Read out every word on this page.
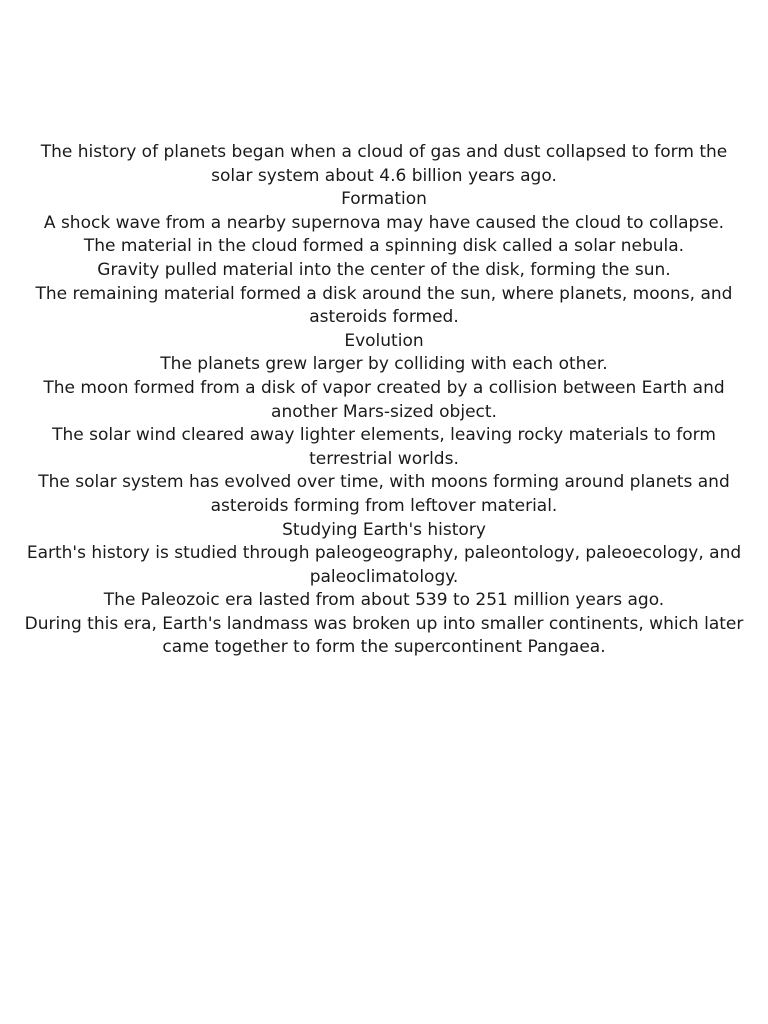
The history of planets began when a cloud of gas and dust collapsed to form the solar system about 4.6 billion years ago.

Formation

A shock wave from a nearby supernova may have caused the cloud to collapse.

The material in the cloud formed a spinning disk called a solar nebula.

Gravity pulled material into the center of the disk, forming the sun.

The remaining material formed a disk around the sun, where planets, moons, and asteroids formed.

Evolution

The planets grew larger by colliding with each other.

The moon formed from a disk of vapor created by a collision between Earth and another Mars-sized object.

The solar wind cleared away lighter elements, leaving rocky materials to form terrestrial worlds.

The solar system has evolved over time, with moons forming around planets and asteroids forming from leftover material.

Studying Earth's history

Earth's history is studied through paleogeography, paleontology, paleoecology, and paleoclimatology.

The Paleozoic era lasted from about 539 to 251 million years ago.

During this era, Earth's landmass was broken up into smaller continents, which later came together to form the supercontinent Pangaea.
